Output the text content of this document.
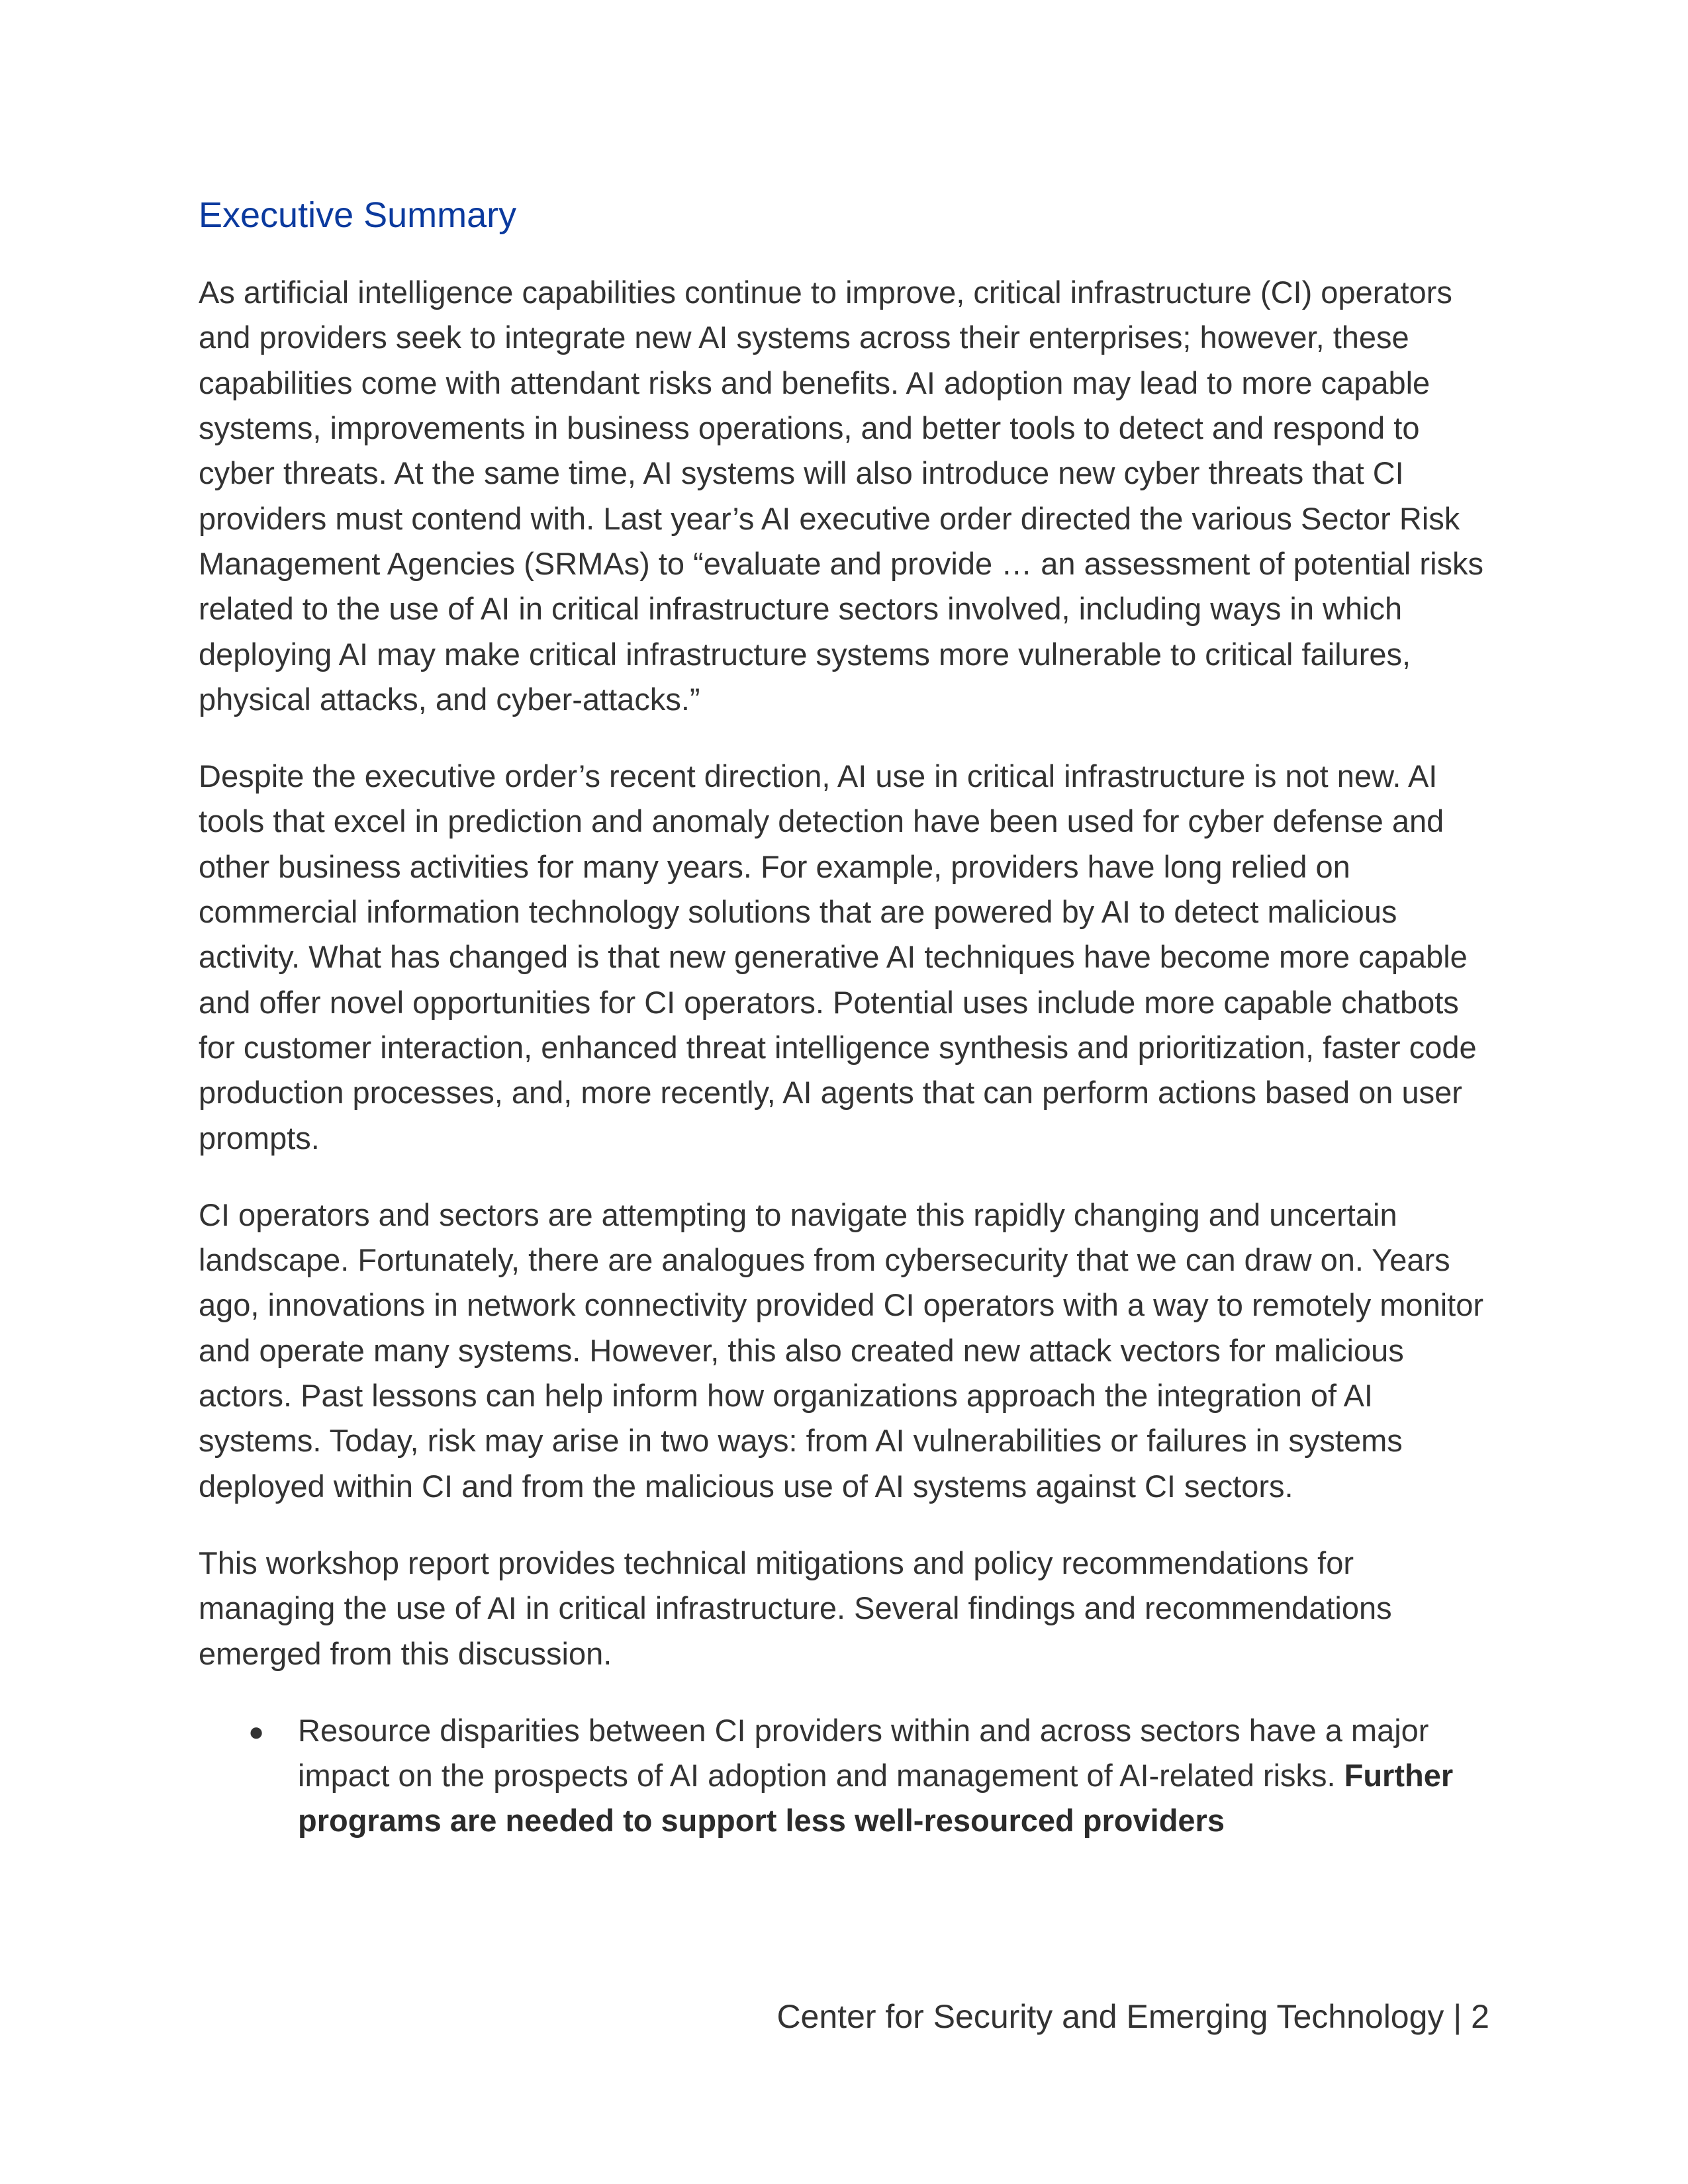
Executive Summary

As artificial intelligence capabilities continue to improve, critical infrastructure (CI) operators and providers seek to integrate new AI systems across their enterprises; however, these capabilities come with attendant risks and benefits. AI adoption may lead to more capable systems, improvements in business operations, and better tools to detect and respond to cyber threats. At the same time, AI systems will also introduce new cyber threats that CI providers must contend with. Last year’s AI executive order directed the various Sector Risk Management Agencies (SRMAs) to “evaluate and provide … an assessment of potential risks related to the use of AI in critical infrastructure sectors involved, including ways in which deploying AI may make critical infrastructure systems more vulnerable to critical failures, physical attacks, and cyber-attacks.”

Despite the executive order’s recent direction, AI use in critical infrastructure is not new. AI tools that excel in prediction and anomaly detection have been used for cyber defense and other business activities for many years. For example, providers have long relied on commercial information technology solutions that are powered by AI to detect malicious activity. What has changed is that new generative AI techniques have become more capable and offer novel opportunities for CI operators. Potential uses include more capable chatbots for customer interaction, enhanced threat intelligence synthesis and prioritization, faster code production processes, and, more recently, AI agents that can perform actions based on user prompts.

CI operators and sectors are attempting to navigate this rapidly changing and uncertain landscape. Fortunately, there are analogues from cybersecurity that we can draw on. Years ago, innovations in network connectivity provided CI operators with a way to remotely monitor and operate many systems. However, this also created new attack vectors for malicious actors. Past lessons can help inform how organizations approach the integration of AI systems. Today, risk may arise in two ways: from AI vulnerabilities or failures in systems deployed within CI and from the malicious use of AI systems against CI sectors.

This workshop report provides technical mitigations and policy recommendations for managing the use of AI in critical infrastructure. Several findings and recommendations emerged from this discussion.

● Resource disparities between CI providers within and across sectors have a major impact on the prospects of AI adoption and management of AI-related risks. Further programs are needed to support less well-resourced providers
Center for Security and Emerging Technology | 2
